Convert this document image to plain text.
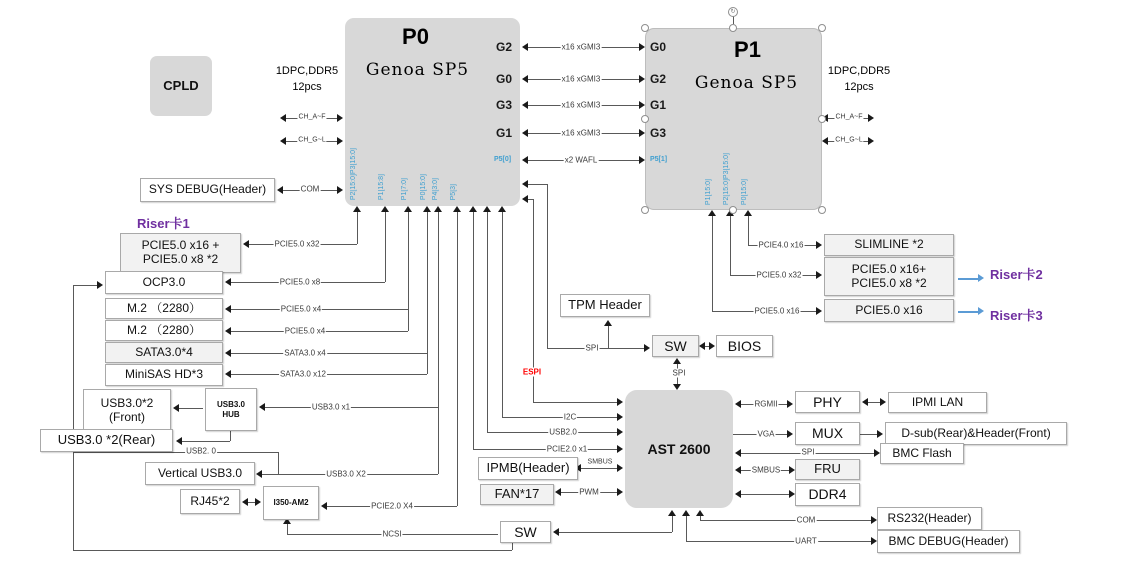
CPLD
P0
Genoa SP5
P1
Genoa SP5
AST 2600
G2
G0
G3
G1
P5[0]
P2[15:0]P3[15:0]	P1[15:8] P1[7:0] P0[15:0] P4[3:0] P5[3]
G0
G2
G1
G3
P5[1]
P1[15:0] P2[15:0]P3[15:0] P0[15:0]
1DPC,DDR5
12pcs
1DPC,DDR5
12pcs
SYS DEBUG(Header)
Riser卡1
PCIE5.0 x16 +
PCIE5.0 x8 *2
OCP3.0
M.2 （2280）
M.2 （2280）
SATA3.0*4
MiniSAS HD*3
USB3.0*2
(Front)
USB3.0
HUB
USB3.0 *2(Rear)
Vertical USB3.0
RJ45*2	I350-AM2
TPM Header
SW	BIOS
IPMB(Header)
FAN*17
SW
SLIMLINE *2
PCIE5.0 x16+
PCIE5.0 x8 *2
PCIE5.0 x16
Riser卡2
Riser卡3
PHY	IPMI LAN
MUX	D-sub(Rear)&Header(Front)
BMC Flash
FRU
DDR4
RS232(Header)
BMC DEBUG(Header)
COM
x16 xGMI3
x16 xGMI3
x16 xGMI3
x16 xGMI3
x2 WAFL
CH_A~F
CH_G~L
CH_A~F
CH_G~L
PCIE5.0 x32
PCIE5.0 x8
PCIE5.0 x4
PCIE5.0 x4
SATA3.0 x4
SATA3.0 x12
USB3.0 x1
USB2. 0
USB3.0 X2
PCIE2.0 X4
NCSI
PCIE4.0 x16
PCIE5.0 x32
PCIE5.0 x16
SPI
ESPI	SPI
I2C
USB2.0
PCIE2.0 x1
SMBUS
PWM
RGMII
VGA
SPI
SMBUS
COM
UART
↻
